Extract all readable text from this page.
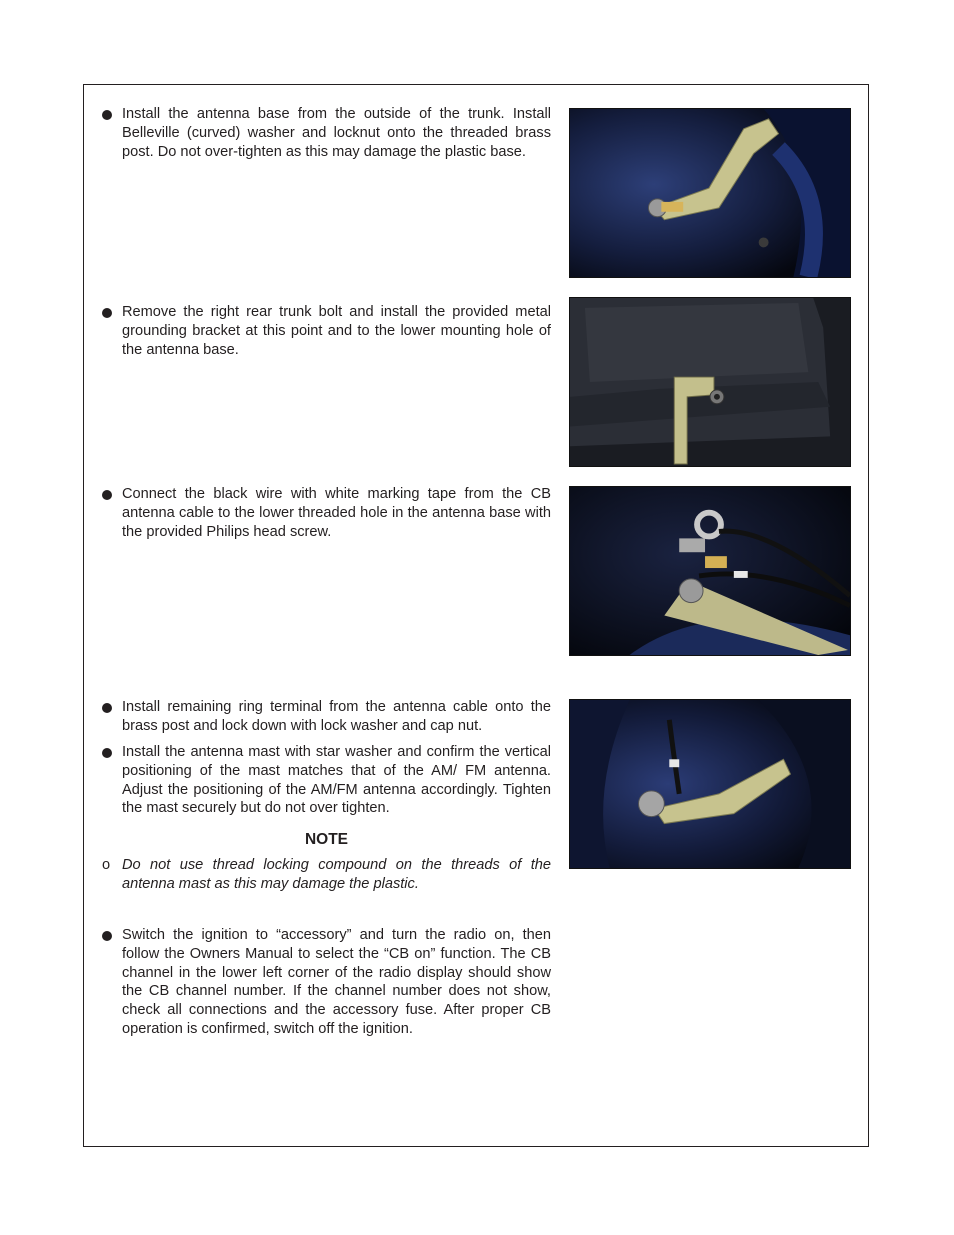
Install the antenna base from the outside of the trunk. Install Belleville (curved) washer and locknut onto the threaded brass post. Do not over-tighten as this may damage the plastic base.
Remove the right rear trunk bolt and install the provided metal grounding bracket at this point and to the lower mounting hole of the antenna base.
Connect the black wire with white marking tape from the CB antenna cable to the lower threaded hole in the antenna base with the provided Philips head screw.
Install remaining ring terminal from the antenna cable onto the brass post and lock down with lock washer and cap nut.
Install the antenna mast with star washer and confirm the vertical positioning of the mast matches that of the AM/ FM antenna. Adjust the positioning of the AM/FM antenna accordingly. Tighten the mast securely but do not over tighten.
NOTE
o Do not use thread locking compound on the threads of the antenna mast as this may damage the plastic.
Switch the ignition to “accessory” and turn the radio on, then follow the Owners Manual to select the “CB on” function. The CB channel in the lower left corner of the radio display should show the CB channel number. If the channel number does not show, check all connections and the accessory fuse. After proper CB operation is confirmed, switch off the ignition.
